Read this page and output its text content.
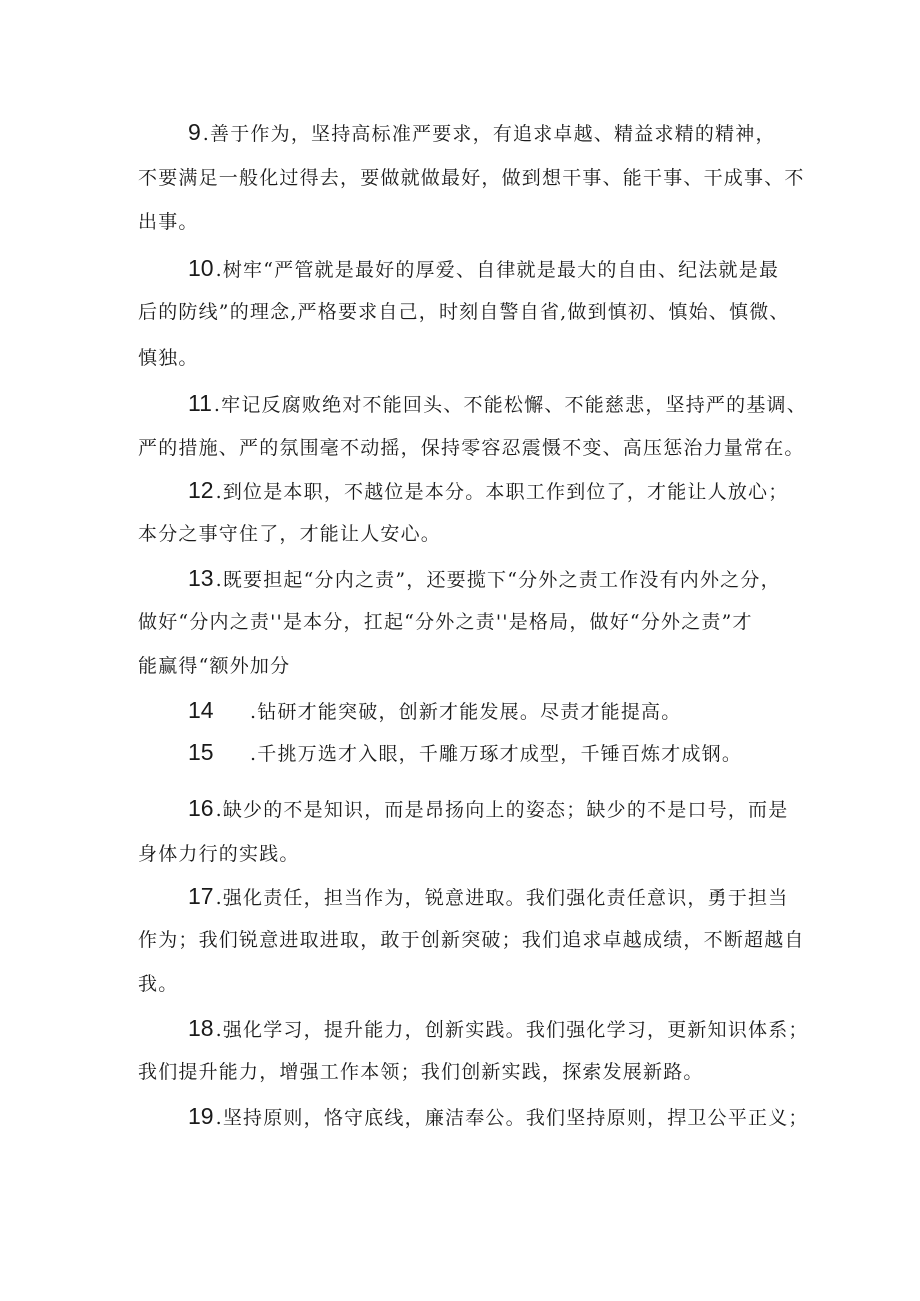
9 .善于作为，坚持高标准严要求，有追求卓越、精益求精的精神，
不要满足一般化过得去，要做就做最好，做到想干事、能干事、干成事、不
出事。
10 .树牢“严管就是最好的厚爱、自律就是最大的自由、纪法就是最
后的防线”的理念,严格要求自己，时刻自警自省,做到慎初、慎始、慎微、
慎独。
11 .牢记反腐败绝对不能回头、不能松懈、不能慈悲，坚持严的基调、
严的措施、严的氛围毫不动摇，保持零容忍震慑不变、高压惩治力量常在。
12 .到位是本职，不越位是本分。本职工作到位了，才能让人放心；
本分之事守住了，才能让人安心。
13 .既要担起“分内之责”，还要揽下“分外之责工作没有内外之分，
做好“分内之责''是本分，扛起“分外之责''是格局，做好“分外之责”才
能赢得“额外加分
14 .钻研才能突破，创新才能发展。尽责才能提高。
15 .千挑万选才入眼，千雕万琢才成型，千锤百炼才成钢。
16 .缺少的不是知识，而是昂扬向上的姿态；缺少的不是口号，而是
身体力行的实践。
17 .强化责任，担当作为，锐意进取。我们强化责任意识，勇于担当
作为；我们锐意进取进取，敢于创新突破；我们追求卓越成绩，不断超越自
我。
18 .强化学习，提升能力，创新实践。我们强化学习，更新知识体系；
我们提升能力，增强工作本领；我们创新实践，探索发展新路。
19 .坚持原则，恪守底线，廉洁奉公。我们坚持原则，捍卫公平正义；
